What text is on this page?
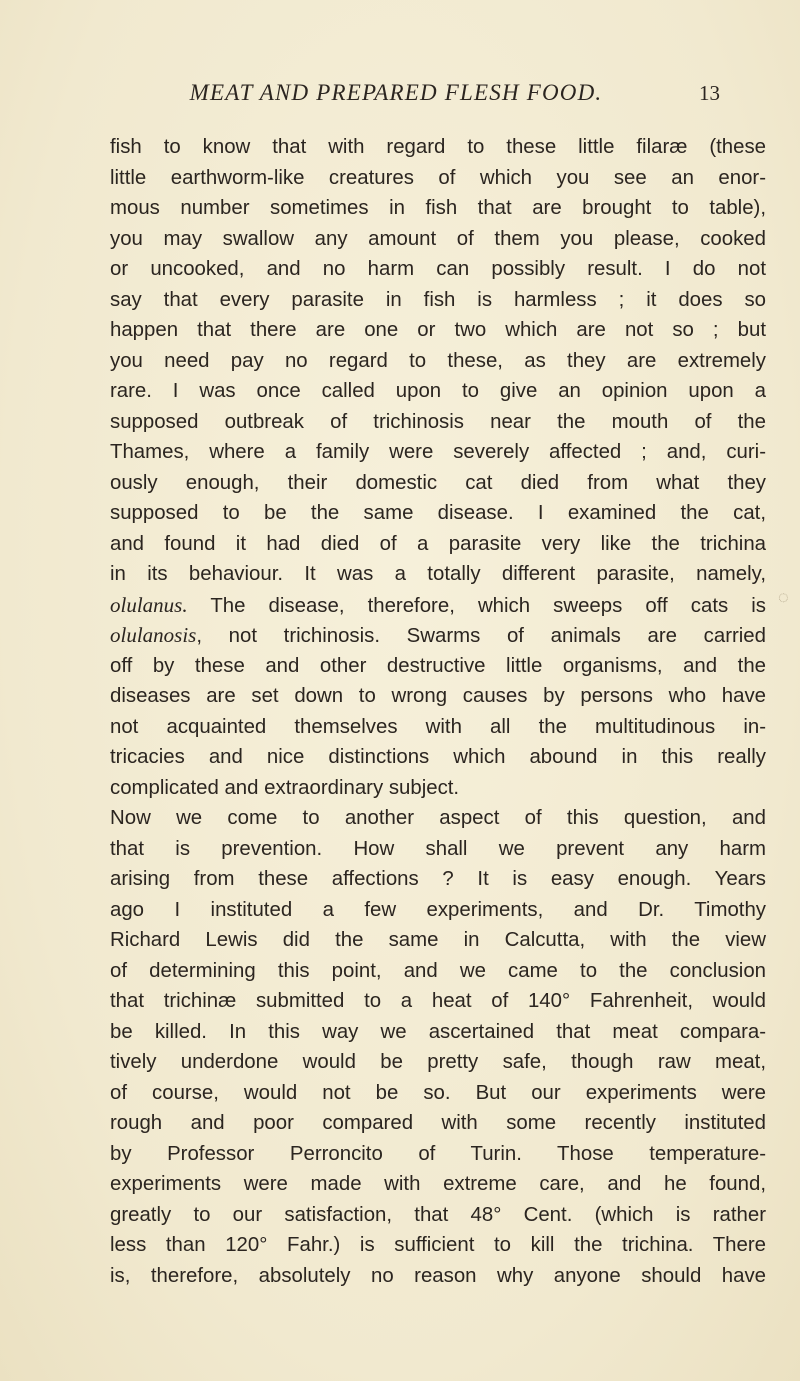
MEAT AND PREPARED FLESH FOOD.	13
fish to know that with regard to these little filaræ (these
little earthworm-like creatures of which you see an enor-
mous number sometimes in fish that are brought to table),
you may swallow any amount of them you please, cooked
or uncooked, and no harm can possibly result. I do not
say that every parasite in fish is harmless ; it does so
happen that there are one or two which are not so ; but
you need pay no regard to these, as they are extremely
rare. I was once called upon to give an opinion upon a
supposed outbreak of trichinosis near the mouth of the
Thames, where a family were severely affected ; and, curi-
ously enough, their domestic cat died from what they
supposed to be the same disease. I examined the cat,
and found it had died of a parasite very like the trichina
in its behaviour. It was a totally different parasite, namely,
olulanus. The disease, therefore, which sweeps off cats is
olulanosis, not trichinosis. Swarms of animals are carried
off by these and other destructive little organisms, and the
diseases are set down to wrong causes by persons who have
not acquainted themselves with all the multitudinous in-
tricacies and nice distinctions which abound in this really
complicated and extraordinary subject.
Now we come to another aspect of this question, and
that is prevention. How shall we prevent any harm
arising from these affections ? It is easy enough. Years
ago I instituted a few experiments, and Dr. Timothy
Richard Lewis did the same in Calcutta, with the view
of determining this point, and we came to the conclusion
that trichinæ submitted to a heat of 140° Fahrenheit, would
be killed. In this way we ascertained that meat compara-
tively underdone would be pretty safe, though raw meat,
of course, would not be so. But our experiments were
rough and poor compared with some recently instituted
by Professor Perroncito of Turin. Those temperature-
experiments were made with extreme care, and he found,
greatly to our satisfaction, that 48° Cent. (which is rather
less than 120° Fahr.) is sufficient to kill the trichina. There
is, therefore, absolutely no reason why anyone should have
◌
